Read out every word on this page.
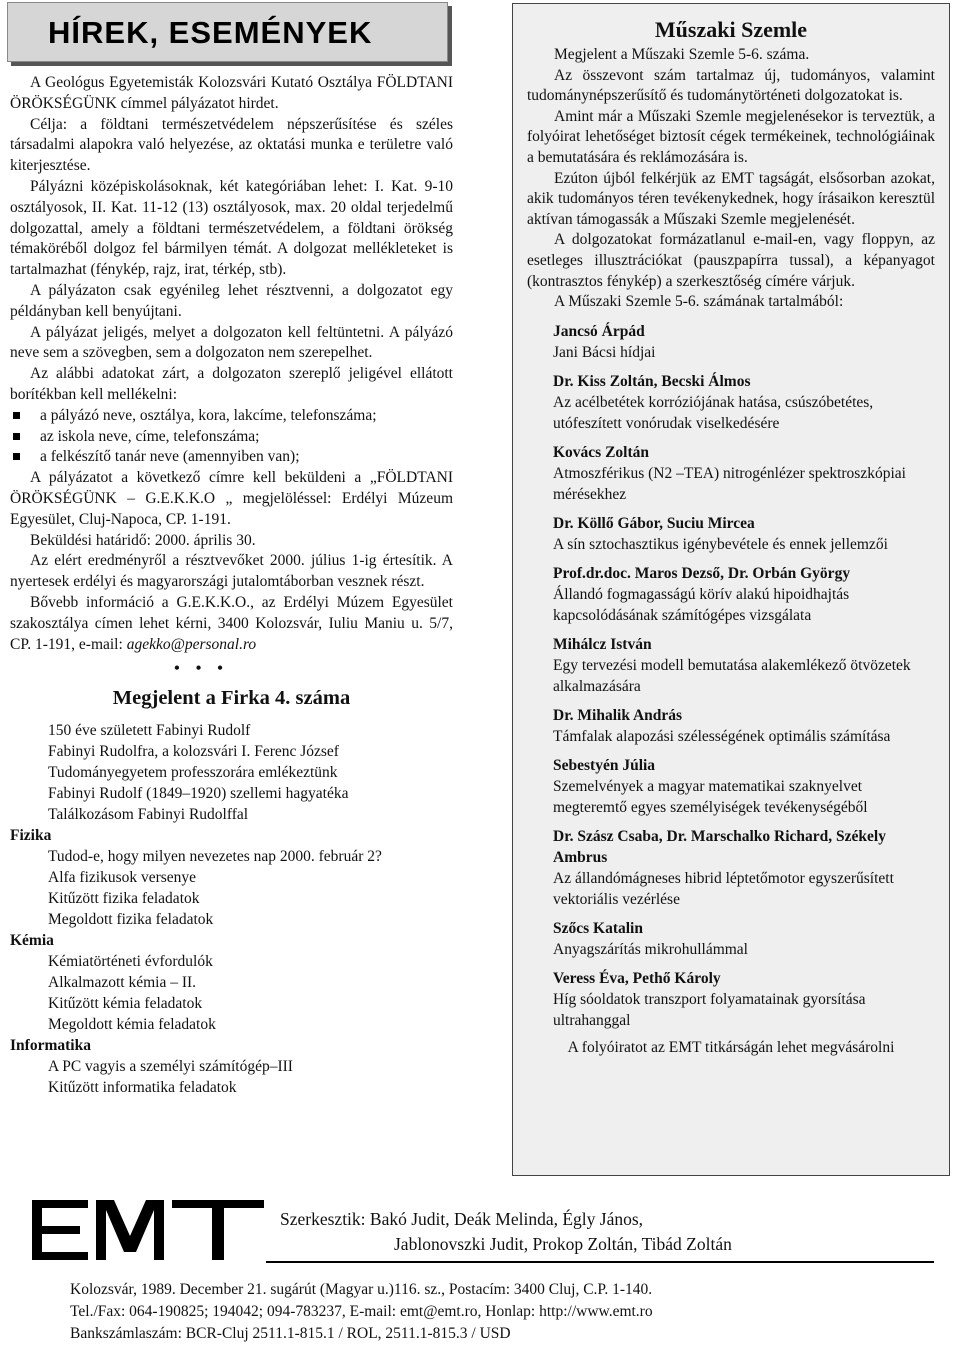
HÍREK, ESEMÉNYEK

A Geológus Egyetemisták Kolozsvári Kutató Osztálya FÖLDTANI ÖRÖKSÉGÜNK címmel pályázatot hirdet.

Célja: a földtani természetvédelem népszerűsítése és széles társadalmi alapokra való helyezése, az oktatási munka e területre való kiterjesztése.

Pályázni középiskolásoknak, két kategóriában lehet: I. Kat. 9-10 osztályosok, II. Kat. 11-12 (13) osztályosok, max. 20 oldal terjedelmű dolgozattal, amely a földtani természetvédelem, a földtani örökség témaköréből dolgoz fel bármilyen témát. A dolgozat mellékleteket is tartalmazhat (fénykép, rajz, irat, térkép, stb).

A pályázaton csak egyénileg lehet résztvenni, a dolgozatot egy példányban kell benyújtani.

A pályázat jeligés, melyet a dolgozaton kell feltüntetni. A pályázó neve sem a szövegben, sem a dolgozaton nem szerepelhet.

Az alábbi adatokat zárt, a dolgozaton szereplő jeligével ellátott borítékban kell mellékelni:

a pályázó neve, osztálya, kora, lakcíme, telefonszáma;
az iskola neve, címe, telefonszáma;
a felkészítő tanár neve (amennyiben van);

A pályázatot a következő címre kell beküldeni a „FÖLDTANI ÖRÖKSÉGÜNK – G.E.K.K.O „ megjelöléssel: Erdélyi Múzeum Egyesület, Cluj-Napoca, CP. 1-191.

Beküldési határidő: 2000. április 30.

Az elért eredményről a résztvevőket 2000. július 1-ig értesítik. A nyertesek erdélyi és magyarországi jutalomtáborban vesznek részt.

Bővebb információ a G.E.K.K.O., az Erdélyi Múzem Egyesület szakosztálya címen lehet kérni, 3400 Kolozsvár, Iuliu Maniu u. 5/7, CP. 1-191, e-mail: agekko@personal.ro

• • •
Megjelent a Firka 4. száma
150 éve született Fabinyi Rudolf
Fabinyi Rudolfra, a kolozsvári I. Ferenc József
Tudományegyetem professzorára emlékeztünk
Fabinyi Rudolf (1849–1920) szellemi hagyatéka
Találkozásom Fabinyi Rudolffal
Fizika
Tudod-e, hogy milyen nevezetes nap 2000. február 2?
Alfa fizikusok versenye
Kitűzött fizika feladatok
Megoldott fizika feladatok
Kémia
Kémiatörténeti évfordulók
Alkalmazott kémia – II.
Kitűzött kémia feladatok
Megoldott kémia feladatok
Informatika
A PC vagyis a személyi számítógép–III
Kitűzött informatika feladatok
Műszaki Szemle

Megjelent a Műszaki Szemle 5-6. száma.

Az összevont szám tartalmaz új, tudományos, valamint tudománynépszerűsítő és tudománytörténeti dolgozatokat is.

Amint már a Műszaki Szemle megjelenésekor is terveztük, a folyóirat lehetőséget biztosít cégek termékeinek, technológiáinak a bemutatására és reklámozására is.

Ezúton újból felkérjük az EMT tagságát, elsősorban azokat, akik tudományos téren tevékenykednek, hogy írásaikon keresztül aktívan támogassák a Műszaki Szemle megjelenését.

A dolgozatokat formázatlanul e-mail-en, vagy floppyn, az esetleges illusztrációkat (pauszpapírra tussal), a képanyagot (kontrasztos fénykép) a szerkesztőség címére várjuk.

A Műszaki Szemle 5-6. számának tartalmából:

Jancsó Árpád
Jani Bácsi hídjai
Dr. Kiss Zoltán, Becski Álmos
Az acélbetétek korróziójának hatása, csúszóbetétes, utófeszített vonórudak viselkedésére
Kovács Zoltán
Atmoszférikus (N2 –TEA) nitrogénlézer spektroszkópiai mérésekhez
Dr. Köllő Gábor, Suciu Mircea
A sín sztochasztikus igénybevétele és ennek jellemzői
Prof.dr.doc. Maros Dezső, Dr. Orbán György
Állandó fogmagasságú körív alakú hipoidhajtás kapcsolódásának számítógépes vizsgálata
Mihálcz István
Egy tervezési modell bemutatása alakemlékező ötvözetek alkalmazására
Dr. Mihalik András
Támfalak alapozási szélességének optimális számítása
Sebestyén Júlia
Szemelvények a magyar matematikai szaknyelvet megteremtő egyes személyiségek tevékenységéből
Dr. Szász Csaba, Dr. Marschalko Richard, Székely Ambrus
Az állandómágneses hibrid léptetőmotor egyszerűsített vektoriális vezérlése
Szőcs Katalin
Anyagszárítás mikrohullámmal
Veress Éva, Pethő Károly
Híg sóoldatok transzport folyamatainak gyorsítása ultrahanggal
A folyóiratot az EMT titkárságán lehet megvásárolni
Szerkesztik: Bakó Judit, Deák Melinda, Égly János,
Jablonovszki Judit, Prokop Zoltán, Tibád Zoltán
Kolozsvár, 1989. December 21. sugárút (Magyar u.)116. sz., Postacím: 3400 Cluj, C.P. 1-140.
Tel./Fax: 064-190825; 194042; 094-783237, E-mail: emt@emt.ro, Honlap: http://www.emt.ro
Bankszámlaszám: BCR-Cluj 2511.1-815.1 / ROL, 2511.1-815.3 / USD
